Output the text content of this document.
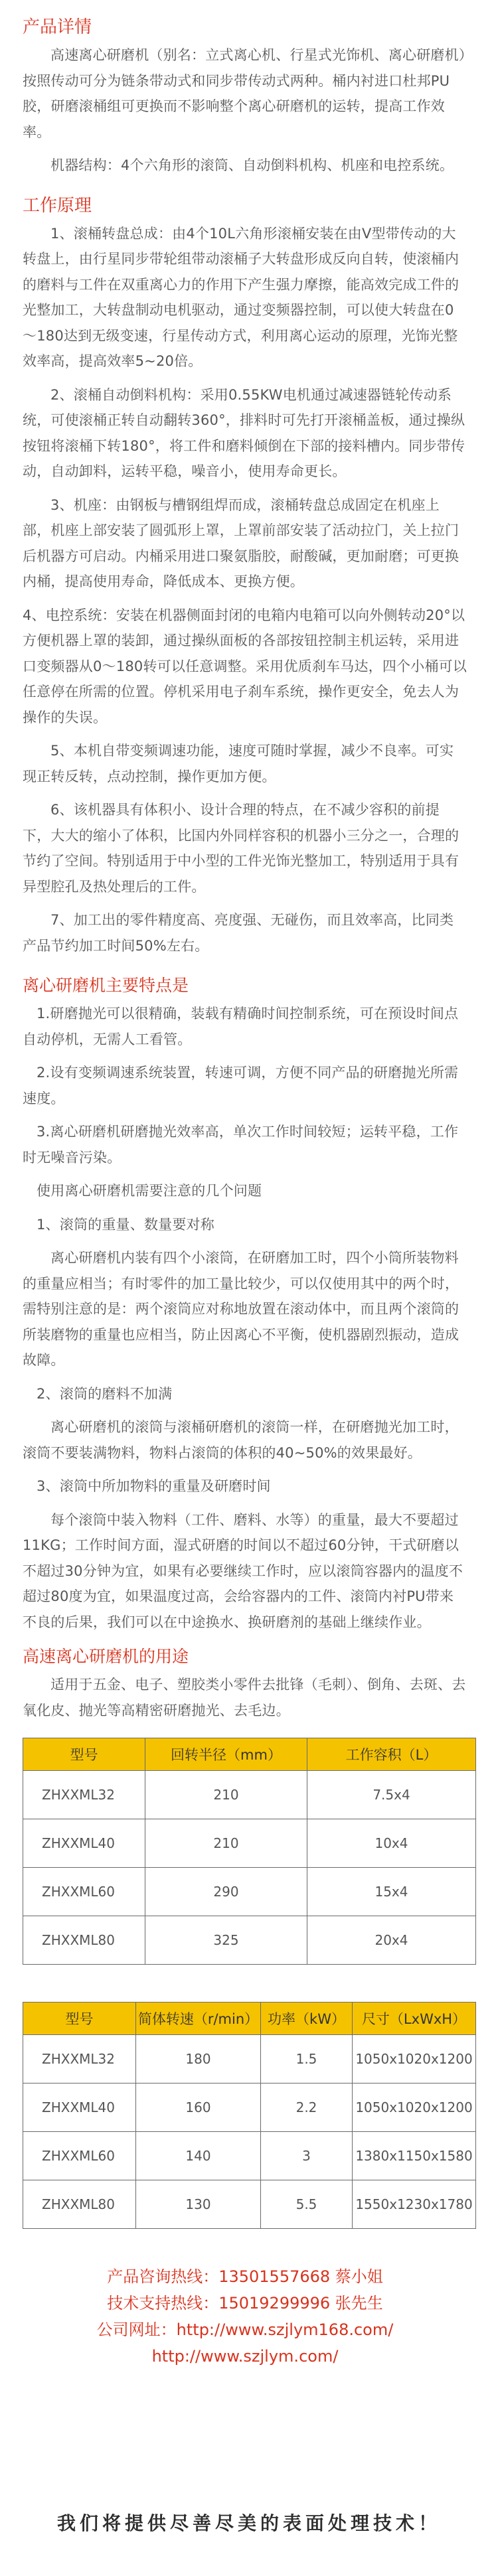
产品详情

高速离心研磨机（别名：立式离心机、行星式光饰机、离心研磨机）按照传动可分为链条带动式和同步带传动式两种。桶内衬进口杜邦PU胶，研磨滚桶组可更换而不影响整个离心研磨机的运转，提高工作效率。

机器结构：4个六角形的滚筒、自动倒料机构、机座和电控系统。

工作原理

1、滚桶转盘总成：由4个10L六角形滚桶安装在由V型带传动的大转盘上，由行星同步带轮组带动滚桶子大转盘形成反向自转，使滚桶内的磨料与工件在双重离心力的作用下产生强力摩擦，能高效完成工件的光整加工，大转盘制动电机驱动，通过变频器控制，可以使大转盘在0～180达到无级变速，行星传动方式，利用离心运动的原理，光饰光整效率高，提高效率5~20倍。

2、滚桶自动倒料机构：采用0.55KW电机通过减速器链轮传动系统，可使滚桶正转自动翻转360°，排料时可先打开滚桶盖板，通过操纵按钮将滚桶下转180°，将工件和磨料倾倒在下部的接料槽内。同步带传动，自动卸料，运转平稳，噪音小，使用寿命更长。

3、机座：由钢板与槽钢组焊而成，滚桶转盘总成固定在机座上部，机座上部安装了圆弧形上罩，上罩前部安装了活动拉门，关上拉门后机器方可启动。内桶采用进口聚氨脂胶，耐酸碱，更加耐磨；可更换内桶，提高使用寿命，降低成本、更换方便。

4、电控系统：安装在机器侧面封闭的电箱内电箱可以向外侧转动20°以方便机器上罩的装卸，通过操纵面板的各部按钮控制主机运转，采用进口变频器从0～180转可以任意调整。采用优质刹车马达，四个小桶可以任意停在所需的位置。停机采用电子刹车系统，操作更安全，免去人为操作的失误。

5、本机自带变频调速功能，速度可随时掌握，减少不良率。可实现正转反转，点动控制，操作更加方便。

6、该机器具有体积小、设计合理的特点，在不减少容积的前提下，大大的缩小了体积，比国内外同样容积的机器小三分之一，合理的节约了空间。特别适用于中小型的工件光饰光整加工，特别适用于具有异型腔孔及热处理后的工件。

7、加工出的零件精度高、亮度强、无碰伤，而且效率高，比同类产品节约加工时间50%左右。

离心研磨机主要特点是

1.研磨抛光可以很精确，装载有精确时间控制系统，可在预设时间点自动停机，无需人工看管。

2.设有变频调速系统装置，转速可调，方便不同产品的研磨抛光所需速度。

3.离心研磨机研磨抛光效率高，单次工作时间较短；运转平稳，工作时无噪音污染。

使用离心研磨机需要注意的几个问题

1、滚筒的重量、数量要对称

离心研磨机内装有四个小滚筒，在研磨加工时，四个小筒所装物料的重量应相当；有时零件的加工量比较少，可以仅使用其中的两个时，需特别注意的是：两个滚筒应对称地放置在滚动体中，而且两个滚筒的所装磨物的重量也应相当，防止因离心不平衡，使机器剧烈振动，造成故障。

2、滚筒的磨料不加满

离心研磨机的滚筒与滚桶研磨机的滚筒一样，在研磨抛光加工时，滚筒不要装满物料，物料占滚筒的体积的40~50%的效果最好。

3、滚筒中所加物料的重量及研磨时间

每个滚筒中装入物料（工件、磨料、水等）的重量，最大不要超过11KG；工作时间方面，湿式研磨的时间以不超过60分钟，干式研磨以不超过30分钟为宜，如果有必要继续工作时，应以滚筒容器内的温度不超过80度为宜，如果温度过高，会给容器内的工件、滚筒内衬PU带来不良的后果，我们可以在中途换水、换研磨剂的基础上继续作业。

高速离心研磨机的用途

适用于五金、电子、塑胶类小零件去批锋（毛刺）、倒角、去斑、去氧化皮、抛光等高精密研磨抛光、去毛边。

型号	回转半径（mm）	工作容积（L）
ZHXXML32	210	7.5x4
ZHXXML40	210	10x4
ZHXXML60	290	15x4
ZHXXML80	325	20x4
型号	简体转速（r/min）	功率（kW）	尺寸（LxWxH）
ZHXXML32	180	1.5	1050x1020x1200
ZHXXML40	160	2.2	1050x1020x1200
ZHXXML60	140	3	1380x1150x1580
ZHXXML80	130	5.5	1550x1230x1780
产品咨询热线：13501557668 蔡小姐
技术支持热线：15019299996 张先生
公司网址：http://www.szjlym168.com/
http://www.szjlym.com/
我们将提供尽善尽美的表面处理技术！
